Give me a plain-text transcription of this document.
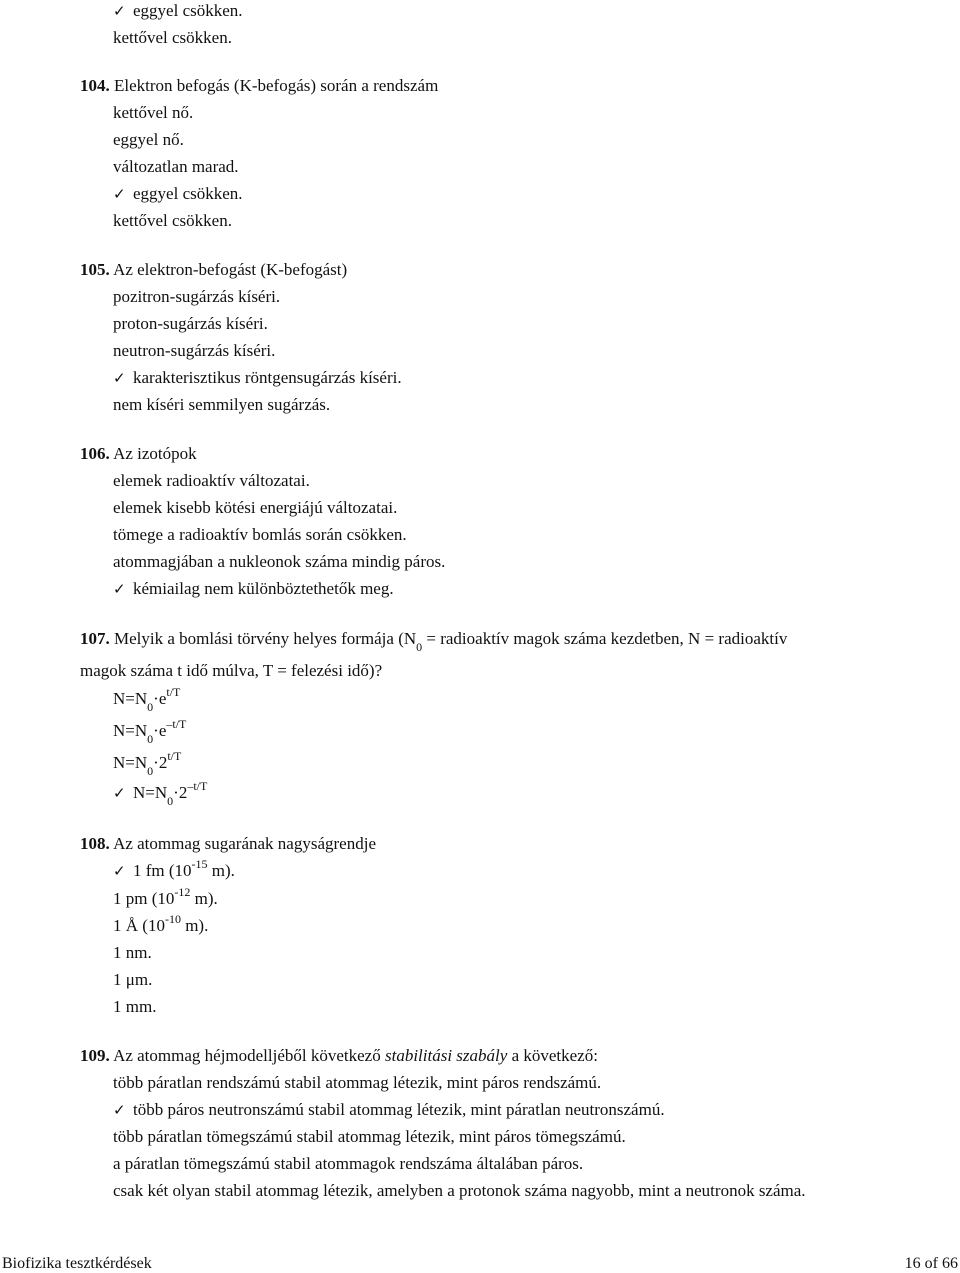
✓ eggyel csökken.
kettővel csökken.
104. Elektron befogás (K-befogás) során a rendszám
kettővel nő.
eggyel nő.
változatlan marad.
✓ eggyel csökken.
kettővel csökken.
105. Az elektron-befogást (K-befogást)
pozitron-sugárzás kíséri.
proton-sugárzás kíséri.
neutron-sugárzás kíséri.
✓ karakterisztikus röntgensugárzás kíséri.
nem kíséri semmilyen sugárzás.
106. Az izotópok
elemek radioaktív változatai.
elemek kisebb kötési energiájú változatai.
tömege a radioaktív bomlás során csökken.
atommagjában a nukleonok száma mindig páros.
✓ kémiailag nem különböztethetők meg.
107. Melyik a bomlási törvény helyes formája ($N_0$ = radioaktív magok száma kezdetben, N = radioaktív
magok száma t idő múlva, T = felezési idő)?
$N=N_0\cdot e^{t/T}$
$N=N_0\cdot e^{-t/T}$
$N=N_0\cdot 2^{t/T}$
✓ $N=N_0\cdot 2^{-t/T}$
108. Az atommag sugarának nagyságrendje
✓ 1 fm ($10^{-15}$ m).
1 pm ($10^{-12}$ m).
1 Å ($10^{-10}$ m).
1 nm.
1 μm.
1 mm.
109. Az atommag héjmodelljéből következő stabilitási szabály a következő:
több páratlan rendszámú stabil atommag létezik, mint páros rendszámú.
✓ több páros neutronszámú stabil atommag létezik, mint páratlan neutronszámú.
több páratlan tömegszámú stabil atommag létezik, mint páros tömegszámú.
a páratlan tömegszámú stabil atommagok rendszáma általában páros.
csak két olyan stabil atommag létezik, amelyben a protonok száma nagyobb, mint a neutronok száma.
Biofizika tesztkérdések	16 of 66
